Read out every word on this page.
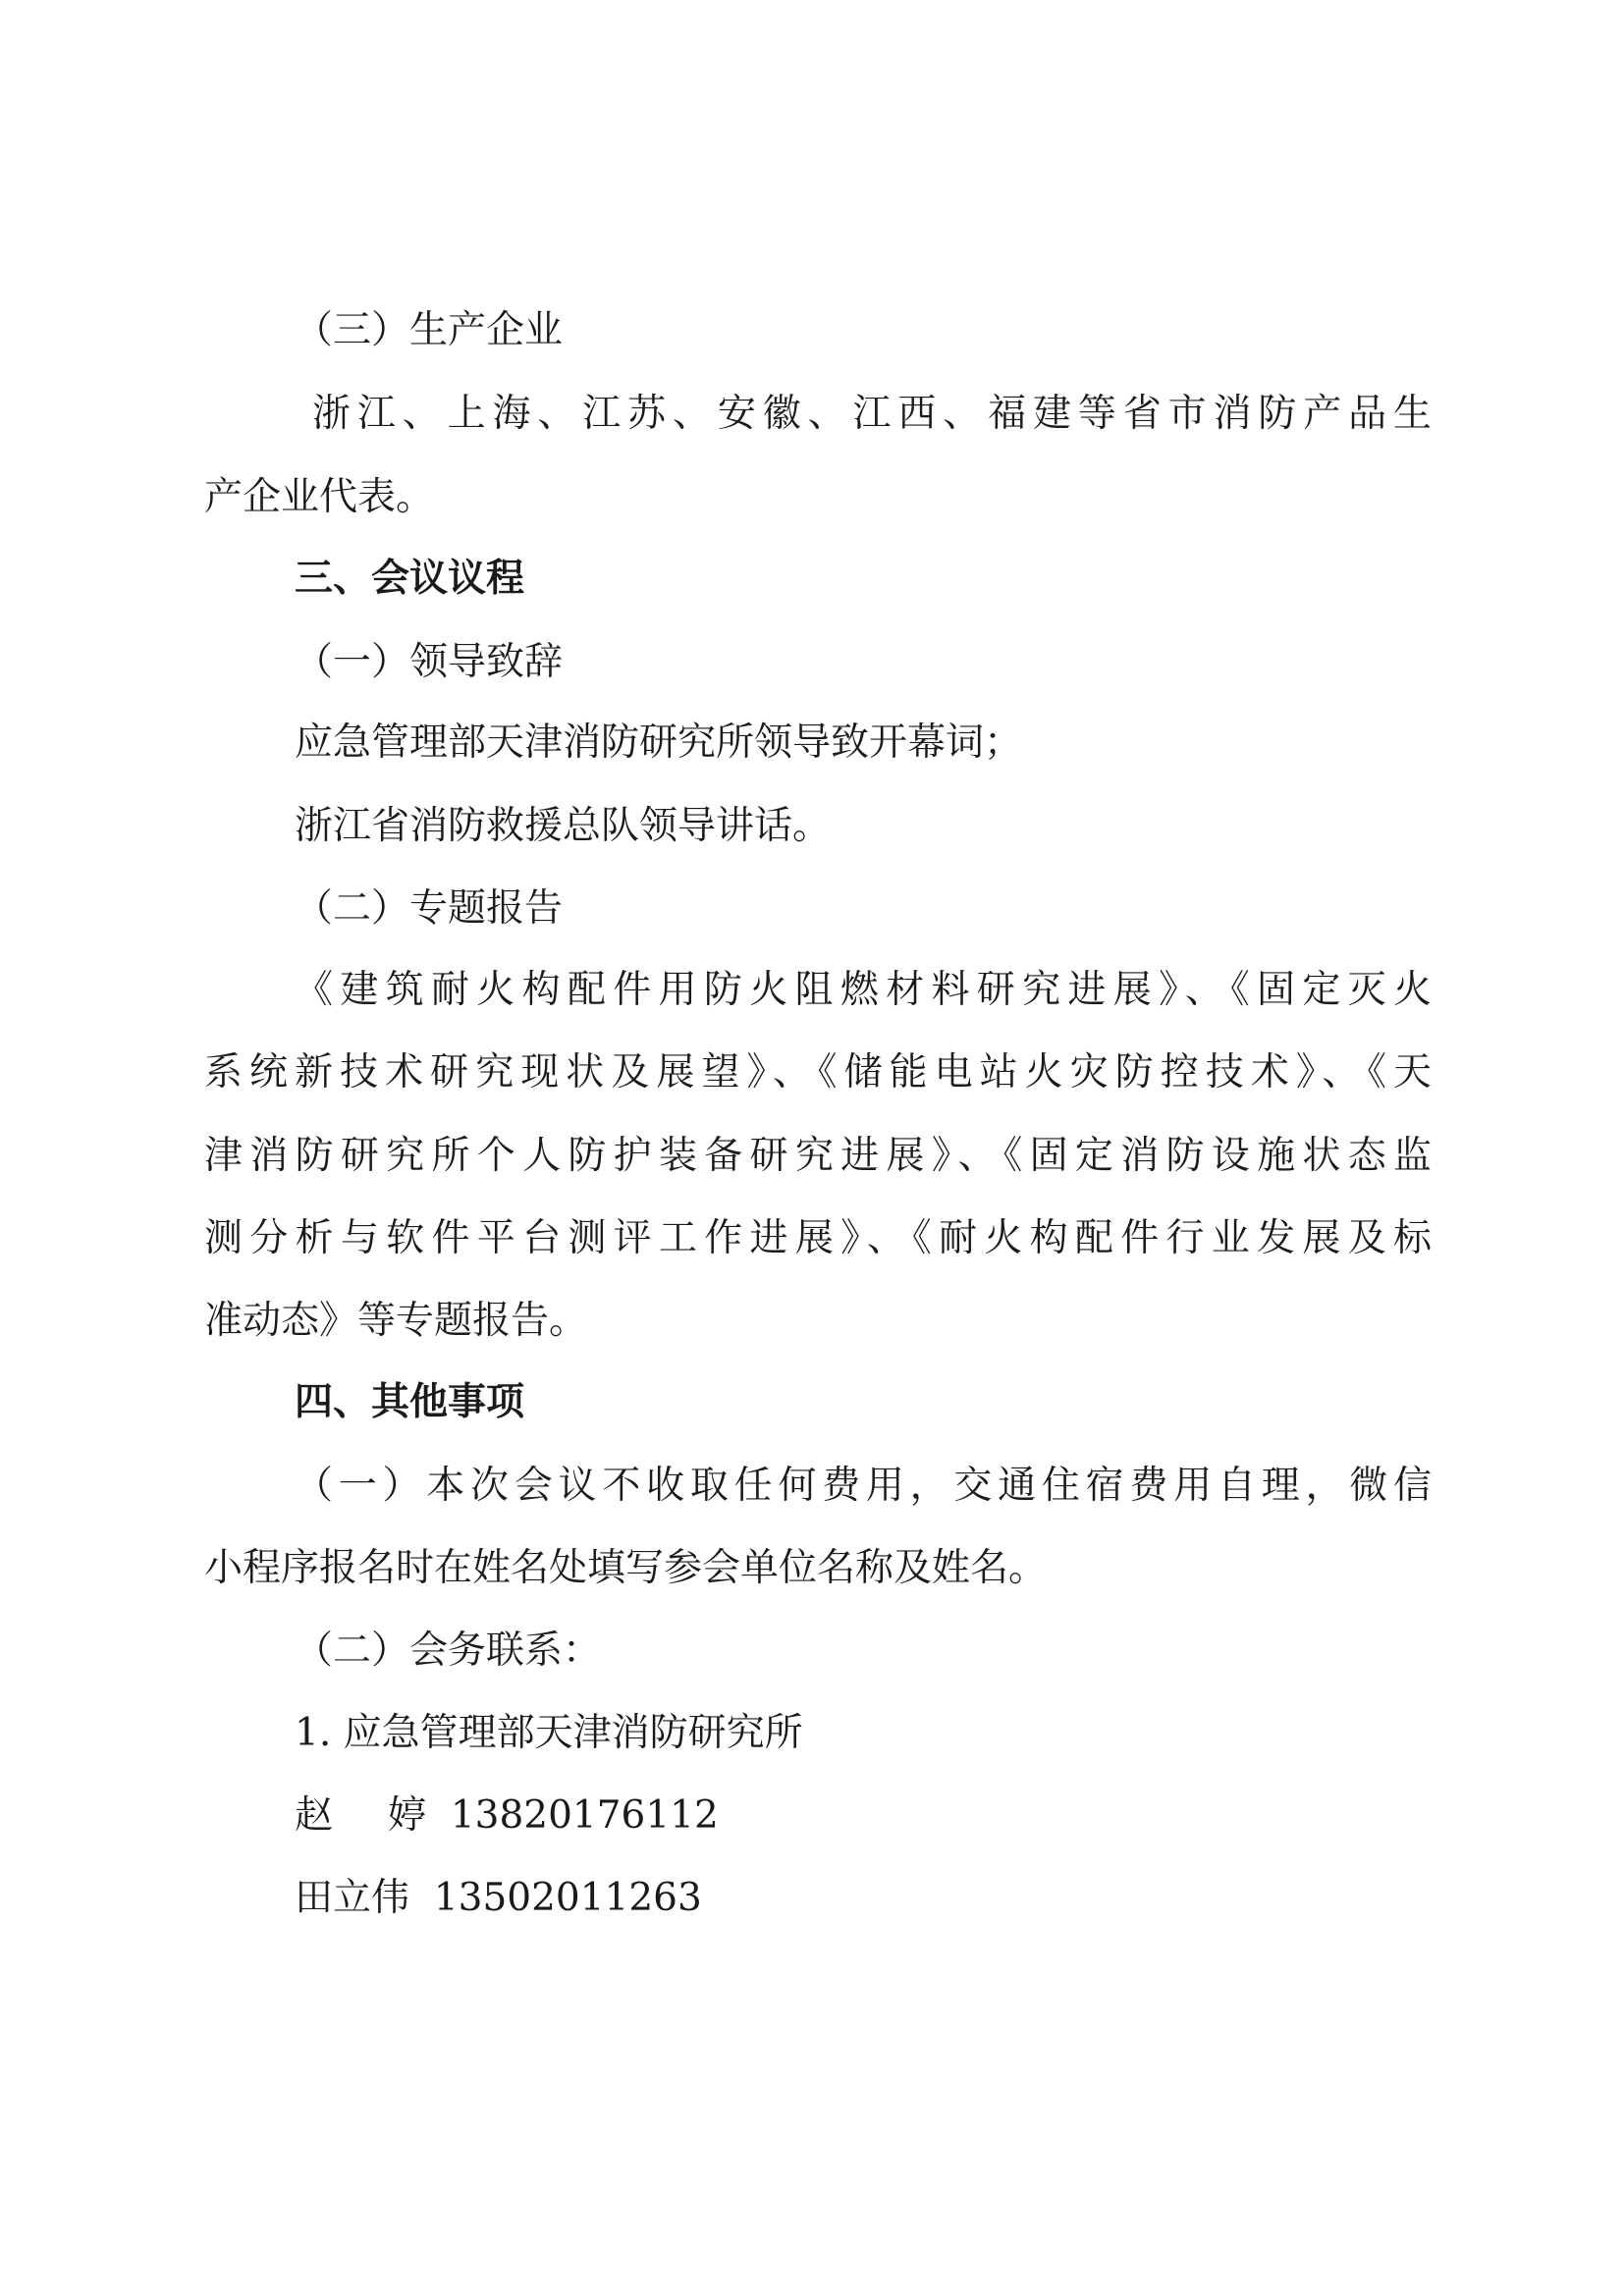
（三）生产企业
浙江、上海、江苏、安徽、江西、福建等省市消防产品生
产企业代表。
三、会议议程
（一）领导致辞
应急管理部天津消防研究所领导致开幕词；
浙江省消防救援总队领导讲话。
（二）专题报告
《建筑耐火构配件用防火阻燃材料研究进展》、《固定灭火
系统新技术研究现状及展望》、《储能电站火灾防控技术》、《天
津消防研究所个人防护装备研究进展》、《固定消防设施状态监
测分析与软件平台测评工作进展》、《耐火构配件行业发展及标
准动态》等专题报告。
四、其他事项
（一）本次会议不收取任何费用，交通住宿费用自理，微信
小程序报名时在姓名处填写参会单位名称及姓名。
（二）会务联系：
1. 应急管理部天津消防研究所
赵 婷 13820176112
田立伟 13502011263
